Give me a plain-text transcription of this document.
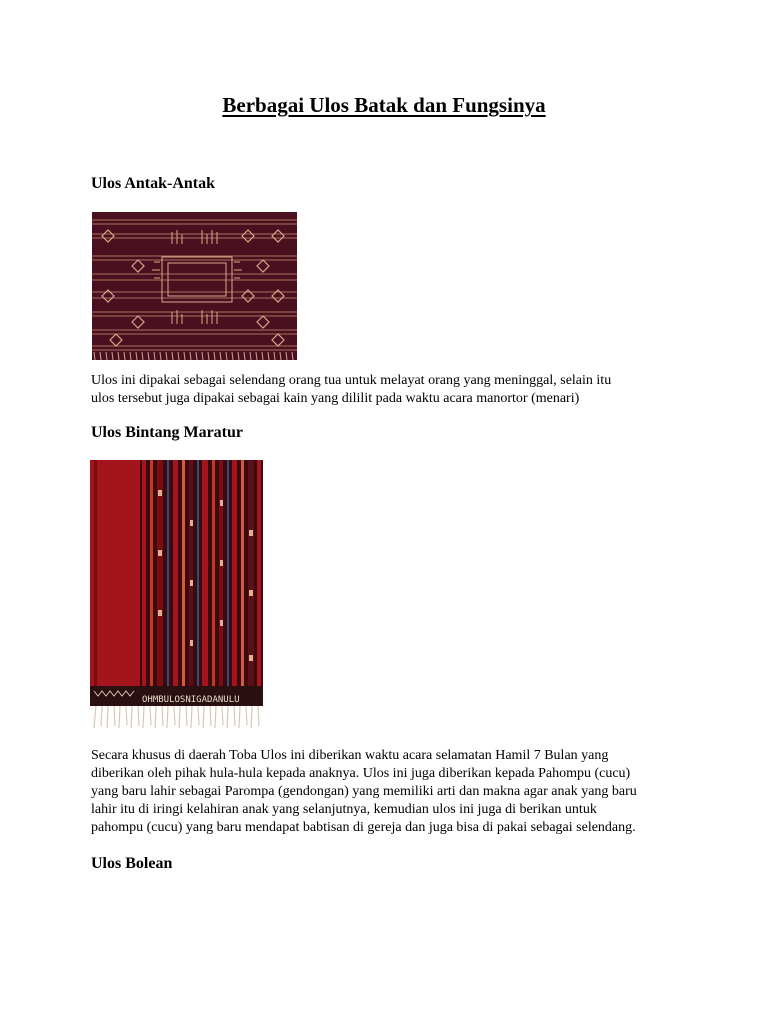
Berbagai Ulos Batak dan Fungsinya
Ulos Antak-Antak
Ulos ini dipakai sebagai selendang orang tua untuk melayat orang yang meninggal, selain itu
ulos tersebut juga dipakai sebagai kain yang dililit pada waktu acara manortor (menari)
Ulos Bintang Maratur
OHMBULOSNIGADANULU
Secara khusus di daerah Toba Ulos ini diberikan waktu acara selamatan Hamil 7 Bulan yang
diberikan oleh pihak hula-hula kepada anaknya. Ulos ini juga diberikan kepada Pahompu (cucu)
yang baru lahir sebagai Parompa (gendongan) yang memiliki arti dan makna agar anak yang baru
lahir itu di iringi kelahiran anak yang selanjutnya, kemudian ulos ini juga di berikan untuk
pahompu (cucu) yang baru mendapat babtisan di gereja dan juga bisa di pakai sebagai selendang.
Ulos Bolean
